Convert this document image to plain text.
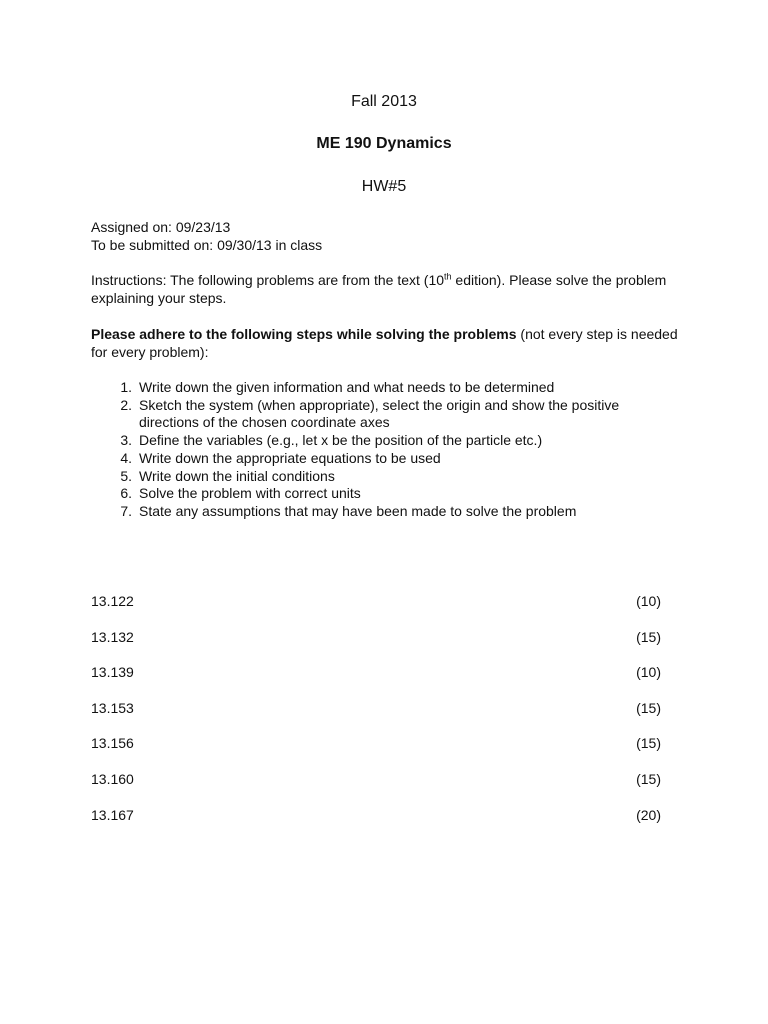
Fall 2013
ME 190 Dynamics
HW#5
Assigned on: 09/23/13
To be submitted on: 09/30/13 in class
Instructions: The following problems are from the text (10th edition). Please solve the problem explaining your steps.
Please adhere to the following steps while solving the problems (not every step is needed for every problem):
1. Write down the given information and what needs to be determined
2. Sketch the system (when appropriate), select the origin and show the positive directions of the chosen coordinate axes
3. Define the variables (e.g., let x be the position of the particle etc.)
4. Write down the appropriate equations to be used
5. Write down the initial conditions
6. Solve the problem with correct units
7. State any assumptions that may have been made to solve the problem
13.122	(10)
13.132	(15)
13.139	(10)
13.153	(15)
13.156	(15)
13.160	(15)
13.167	(20)
